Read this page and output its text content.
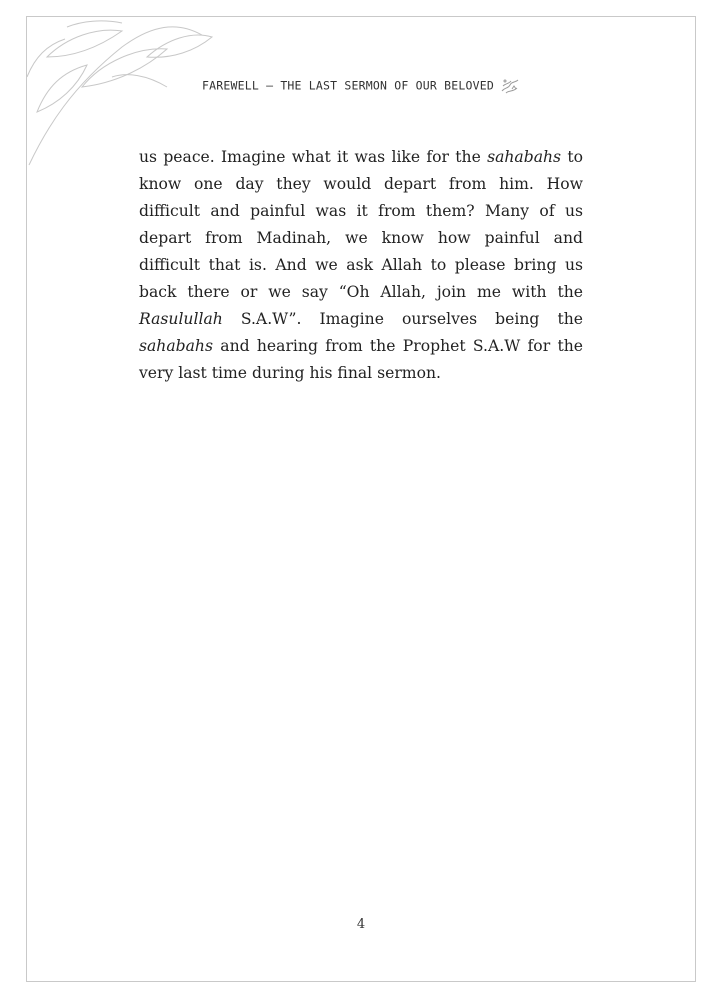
FAREWELL – THE LAST SERMON OF OUR BELOVED

us peace. Imagine what it was like for the sahabahs to know one day they would depart from him. How difficult and painful was it from them? Many of us depart from Madinah, we know how painful and difficult that is. And we ask Allah to please bring us back there or we say “Oh Allah, join me with the Rasulullah S.A.W”. Imagine ourselves being the sahabahs and hearing from the Prophet S.A.W for the very last time during his final sermon.

4
